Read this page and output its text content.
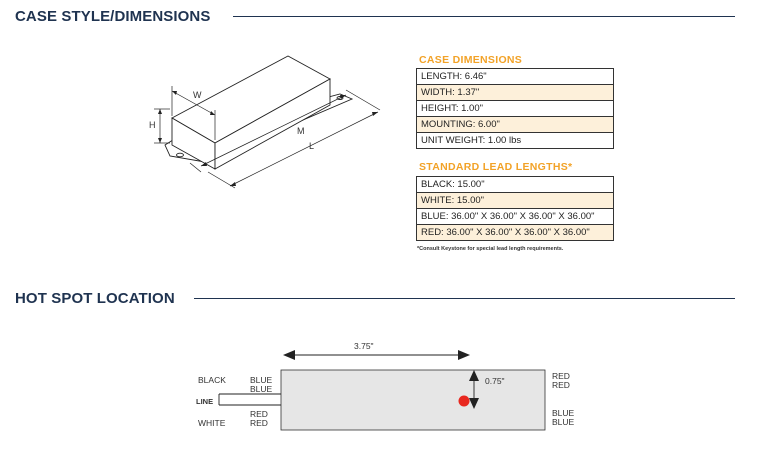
CASE STYLE/DIMENSIONS
W
H
M
L
CASE DIMENSIONS
LENGTH: 6.46"
WIDTH: 1.37"
HEIGHT: 1.00"
MOUNTING: 6.00"
UNIT WEIGHT: 1.00 lbs
STANDARD LEAD LENGTHS*
BLACK: 15.00"
WHITE: 15.00"
BLUE: 36.00" X 36.00" X 36.00" X 36.00"
RED: 36.00" X 36.00" X 36.00" X 36.00"
*Consult Keystone for special lead length requirements.
HOT SPOT LOCATION
3.75"
0.75"
BLACK
LINE
WHITE
BLUE
BLUE
RED
RED
RED
RED
BLUE
BLUE
